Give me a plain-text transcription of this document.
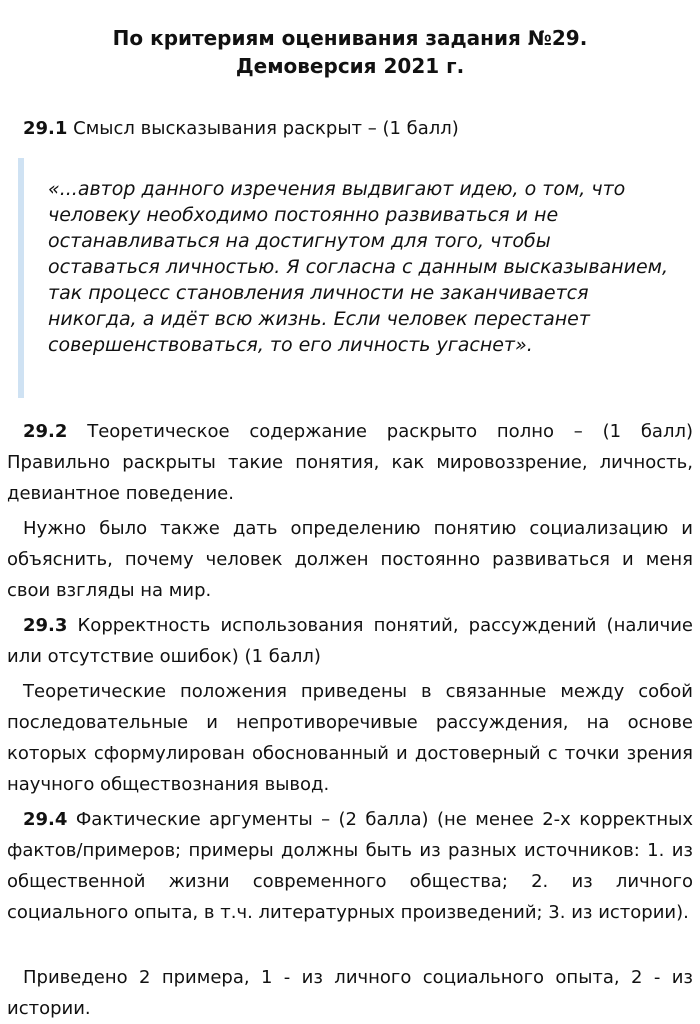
По критериям оценивания задания №29.
Демоверсия 2021 г.

29.1 Смысл высказывания раскрыт – (1 балл)

«...автор данного изречения выдвигают идею, о том, что человеку необходимо постоянно развиваться и не останавливаться на достигнутом для того, чтобы оставаться личностью. Я согласна с данным высказыванием, так процесс становления личности не заканчивается никогда, а идёт всю жизнь. Если человек перестанет совершенствоваться, то его личность угаснет».

29.2 Теоретическое содержание раскрыто полно – (1 балл) Правильно раскрыты такие понятия, как мировоззрение, личность, девиантное поведение.

Нужно было также дать определению понятию социализацию и объяснить, почему человек должен постоянно развиваться и меня свои взгляды на мир.

29.3 Корректность использования понятий, рассуждений (наличие или отсутствие ошибок) (1 балл)

Теоретические положения приведены в связанные между собой последовательные и непротиворечивые рассуждения, на основе которых сформулирован обоснованный и достоверный с точки зрения научного обществознания вывод.

29.4 Фактические аргументы – (2 балла) (не менее 2-х корректных фактов/примеров; примеры должны быть из разных источников: 1. из общественной жизни современного общества; 2. из личного социального опыта, в т.ч. литературных произведений; 3. из истории).

Приведено 2 примера, 1 - из личного социального опыта, 2 - из истории.
